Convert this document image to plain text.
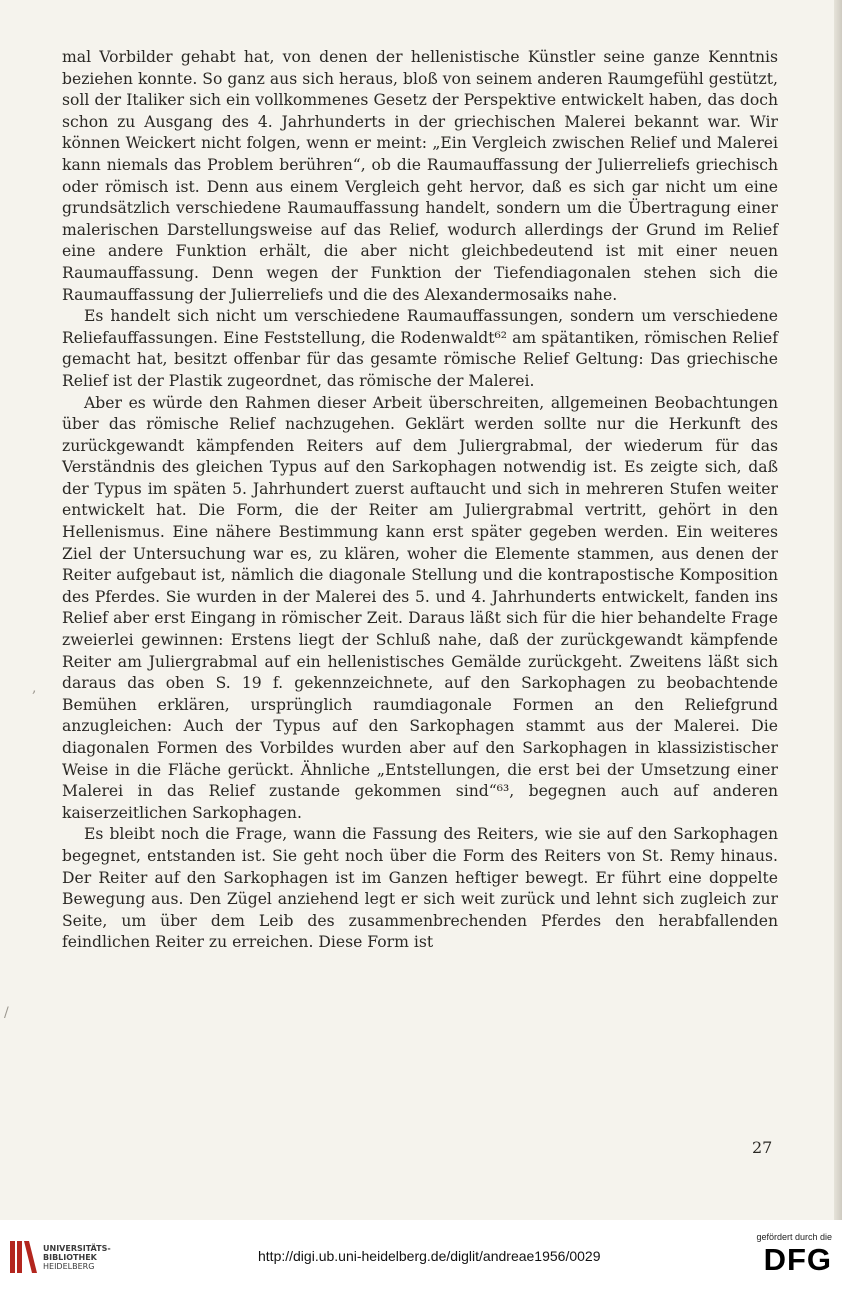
mal Vorbilder gehabt hat, von denen der hellenistische Künstler seine ganze Kenntnis beziehen konnte. So ganz aus sich heraus, bloß von seinem anderen Raumgefühl gestützt, soll der Italiker sich ein vollkommenes Gesetz der Perspektive entwickelt haben, das doch schon zu Ausgang des 4. Jahrhunderts in der griechischen Malerei bekannt war. Wir können Weickert nicht folgen, wenn er meint: „Ein Vergleich zwischen Relief und Malerei kann niemals das Problem berühren“, ob die Raumauffassung der Julierreliefs griechisch oder römisch ist. Denn aus einem Vergleich geht hervor, daß es sich gar nicht um eine grundsätzlich verschiedene Raumauffassung handelt, sondern um die Übertragung einer malerischen Darstellungsweise auf das Relief, wodurch allerdings der Grund im Relief eine andere Funktion erhält, die aber nicht gleichbedeutend ist mit einer neuen Raumauffassung. Denn wegen der Funktion der Tiefendiagonalen stehen sich die Raumauffassung der Julierreliefs und die des Alexandermosaiks nahe.

Es handelt sich nicht um verschiedene Raumauffassungen, sondern um verschiedene Reliefauffassungen. Eine Feststellung, die Rodenwaldt⁶² am spätantiken, römischen Relief gemacht hat, besitzt offenbar für das gesamte römische Relief Geltung: Das griechische Relief ist der Plastik zugeordnet, das römische der Malerei.

Aber es würde den Rahmen dieser Arbeit überschreiten, allgemeinen Beobachtungen über das römische Relief nachzugehen. Geklärt werden sollte nur die Herkunft des zurückgewandt kämpfenden Reiters auf dem Juliergrabmal, der wiederum für das Verständnis des gleichen Typus auf den Sarkophagen notwendig ist. Es zeigte sich, daß der Typus im späten 5. Jahrhundert zuerst auftaucht und sich in mehreren Stufen weiter entwickelt hat. Die Form, die der Reiter am Juliergrabmal vertritt, gehört in den Hellenismus. Eine nähere Bestimmung kann erst später gegeben werden. Ein weiteres Ziel der Untersuchung war es, zu klären, woher die Elemente stammen, aus denen der Reiter aufgebaut ist, nämlich die diagonale Stellung und die kontrapostische Komposition des Pferdes. Sie wurden in der Malerei des 5. und 4. Jahrhunderts entwickelt, fanden ins Relief aber erst Eingang in römischer Zeit. Daraus läßt sich für die hier behandelte Frage zweierlei gewinnen: Erstens liegt der Schluß nahe, daß der zurückgewandt kämpfende Reiter am Juliergrabmal auf ein hellenistisches Gemälde zurückgeht. Zweitens läßt sich daraus das oben S. 19 f. gekennzeichnete, auf den Sarkophagen zu beobachtende Bemühen erklären, ursprünglich raumdiagonale Formen an den Reliefgrund anzugleichen: Auch der Typus auf den Sarkophagen stammt aus der Malerei. Die diagonalen Formen des Vorbildes wurden aber auf den Sarkophagen in klassizistischer Weise in die Fläche gerückt. Ähnliche „Entstellungen, die erst bei der Umsetzung einer Malerei in das Relief zustande gekommen sind“⁶³, begegnen auch auf anderen kaiserzeitlichen Sarkophagen.

Es bleibt noch die Frage, wann die Fassung des Reiters, wie sie auf den Sarkophagen begegnet, entstanden ist. Sie geht noch über die Form des Reiters von St. Remy hinaus. Der Reiter auf den Sarkophagen ist im Ganzen heftiger bewegt. Er führt eine doppelte Bewegung aus. Den Zügel anziehend legt er sich weit zurück und lehnt sich zugleich zur Seite, um über dem Leib des zusammenbrechenden Pferdes den herabfallenden feindlichen Reiter zu erreichen. Diese Form ist

,
/
27
UNIVERSITÄTS-
BIBLIOTHEK
HEIDELBERG
http://digi.ub.uni-heidelberg.de/diglit/andreae1956/0029
gefördert durch die
DFG
